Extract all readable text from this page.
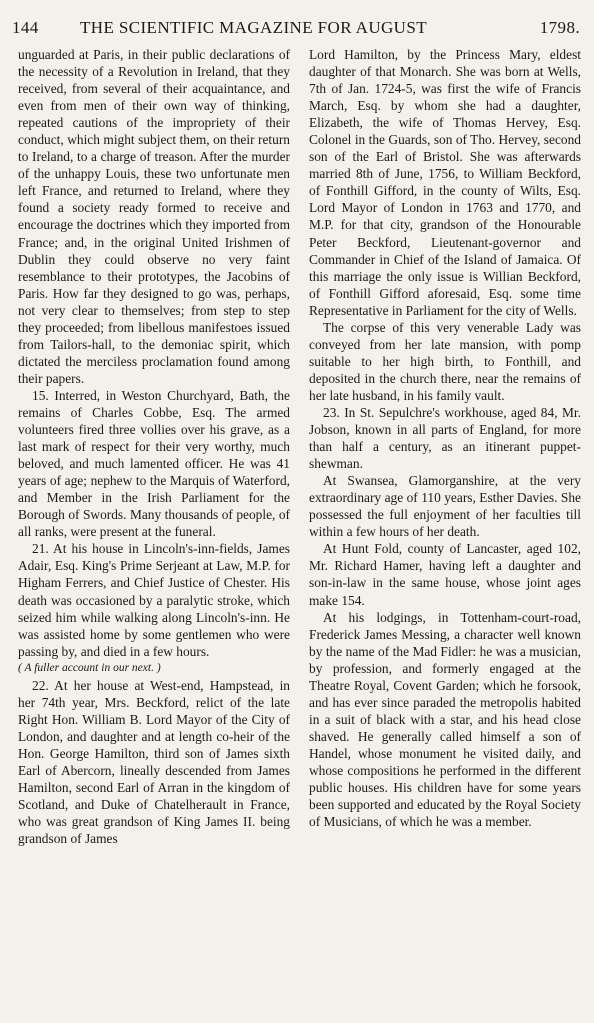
144 THE SCIENTIFIC MAGAZINE FOR AUGUST	1798.

unguarded at Paris, in their public declarations of the necessity of a Revolution in Ireland, that they received, from several of their acquaintance, and even from men of their own way of thinking, repeated cautions of the impropriety of their conduct, which might subject them, on their return to Ireland, to a charge of treason. After the murder of the unhappy Louis, these two unfortunate men left France, and returned to Ireland, where they found a society ready formed to receive and encourage the doctrines which they imported from France; and, in the original United Irishmen of Dublin they could observe no very faint resemblance to their prototypes, the Jacobins of Paris. How far they designed to go was, perhaps, not very clear to themselves; from step to step they proceeded; from libellous manifestoes issued from Tailors-hall, to the demoniac spirit, which dictated the merciless proclamation found among their papers.

15. Interred, in Weston Churchyard, Bath, the remains of Charles Cobbe, Esq. The armed volunteers fired three vollies over his grave, as a last mark of respect for their very worthy, much beloved, and much lamented officer. He was 41 years of age; nephew to the Marquis of Waterford, and Member in the Irish Parliament for the Borough of Swords. Many thousands of people, of all ranks, were present at the funeral.

21. At his house in Lincoln's-inn-fields, James Adair, Esq. King's Prime Serjeant at Law, M.P. for Higham Ferrers, and Chief Justice of Chester. His death was occasioned by a paralytic stroke, which seized him while walking along Lincoln's-inn. He was assisted home by some gentlemen who were passing by, and died in a few hours.

( A fuller account in our next. )

22. At her house at West-end, Hampstead, in her 74th year, Mrs. Beckford, relict of the late Right Hon. William B. Lord Mayor of the City of London, and daughter and at length co-heir of the Hon. George Hamilton, third son of James sixth Earl of Abercorn, lineally descended from James Hamilton, second Earl of Arran in the kingdom of Scotland, and Duke of Chatelherault in France, who was great grandson of King James II. being grandson of James

Lord Hamilton, by the Princess Mary, eldest daughter of that Monarch. She was born at Wells, 7th of Jan. 1724-5, was first the wife of Francis March, Esq. by whom she had a daughter, Elizabeth, the wife of Thomas Hervey, Esq. Colonel in the Guards, son of Tho. Hervey, second son of the Earl of Bristol. She was afterwards married 8th of June, 1756, to William Beckford, of Fonthill Gifford, in the county of Wilts, Esq. Lord Mayor of London in 1763 and 1770, and M.P. for that city, grandson of the Honourable Peter Beckford, Lieutenant-governor and Commander in Chief of the Island of Jamaica. Of this marriage the only issue is Willian Beckford, of Fonthill Gifford aforesaid, Esq. some time Representative in Parliament for the city of Wells.

The corpse of this very venerable Lady was conveyed from her late mansion, with pomp suitable to her high birth, to Fonthill, and deposited in the church there, near the remains of her late husband, in his family vault.

23. In St. Sepulchre's workhouse, aged 84, Mr. Jobson, known in all parts of England, for more than half a century, as an itinerant puppet-shewman.

At Swansea, Glamorganshire, at the very extraordinary age of 110 years, Esther Davies. She possessed the full enjoyment of her faculties till within a few hours of her death.

At Hunt Fold, county of Lancaster, aged 102, Mr. Richard Hamer, having left a daughter and son-in-law in the same house, whose joint ages make 154.

At his lodgings, in Tottenham-court-road, Frederick James Messing, a character well known by the name of the Mad Fidler: he was a musician, by profession, and formerly engaged at the Theatre Royal, Covent Garden; which he forsook, and has ever since paraded the metropolis habited in a suit of black with a star, and his head close shaved. He generally called himself a son of Handel, whose monument he visited daily, and whose compositions he performed in the different public houses. His children have for some years been supported and educated by the Royal Society of Musicians, of which he was a member.
